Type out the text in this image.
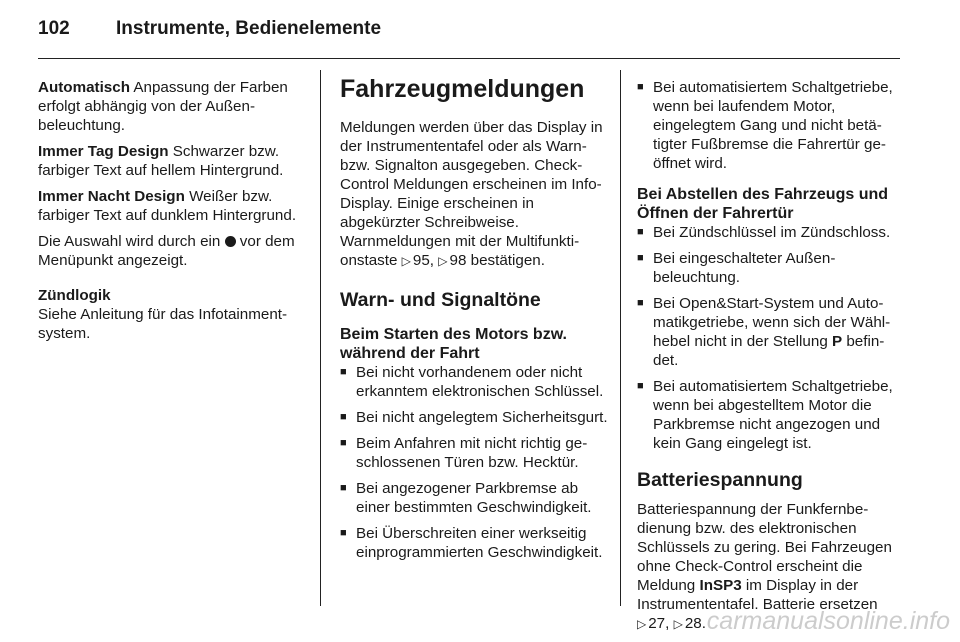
102 Instrumente, Bedienelemente

Automatisch Anpassung der Farben erfolgt abhängig von der Außenbeleuchtung.

Immer Tag Design Schwarzer bzw. farbiger Text auf hellem Hintergrund.

Immer Nacht Design Weißer bzw. farbiger Text auf dunklem Hintergrund.

Die Auswahl wird durch ein  vor dem Menüpunkt angezeigt.

Zündlogik

Siehe Anleitung für das Infotainmentsystem.

Fahrzeugmeldungen

Meldungen werden über das Display in der Instrumententafel oder als Warn- bzw. Signalton ausgegeben. Check-Control Meldungen erscheinen im Info-Display. Einige erscheinen in abgekürzter Schreibweise. Warnmeldungen mit der Multifunktionstaste ▷ 95, ▷ 98 bestätigen.

Warn- und Signaltöne
Beim Starten des Motors bzw. während der Fahrt
■ Bei nicht vorhandenem oder nicht erkanntem elektronischen Schlüssel.
■ Bei nicht angelegtem Sicherheitsgurt.
■ Beim Anfahren mit nicht richtig geschlossenen Türen bzw. Hecktür.
■ Bei angezogener Parkbremse ab einer bestimmten Geschwindigkeit.
■ Bei Überschreiten einer werkseitig einprogrammierten Geschwindigkeit.
■ Bei automatisiertem Schaltgetriebe, wenn bei laufendem Motor, eingelegtem Gang und nicht betätigter Fußbremse die Fahrertür geöffnet wird.
Bei Abstellen des Fahrzeugs und Öffnen der Fahrertür
■ Bei Zündschlüssel im Zündschloss.
■ Bei eingeschalteter Außenbeleuchtung.
■ Bei Open&Start-System und Automatikgetriebe, wenn sich der Wählhebel nicht in der Stellung P befindet.
■ Bei automatisiertem Schaltgetriebe, wenn bei abgestelltem Motor die Parkbremse nicht angezogen und kein Gang eingelegt ist.
Batteriespannung

Batteriespannung der Funkfernbedienung bzw. des elektronischen Schlüssels zu gering. Bei Fahrzeugen ohne Check-Control erscheint die Meldung InSP3 im Display in der Instrumententafel. Batterie ersetzen
▷ 27, ▷ 28. carmanualsonline.info
